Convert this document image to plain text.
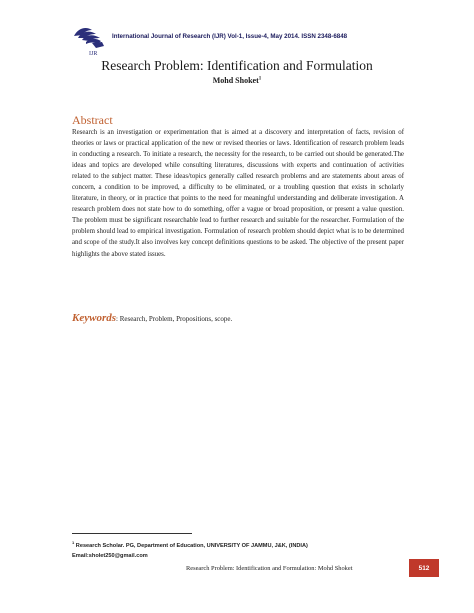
IJR
International Journal of Research (IJR) Vol-1, Issue-4, May 2014. ISSN 2348-6848
Research Problem: Identification and Formulation
Mohd Shoket$^1$
Abstract
Research is an investigation or experimentation that is aimed at a discovery and interpretation of facts, revision of theories or laws or practical application of the new or revised theories or laws. Identification of research problem leads in conducting a research. To initiate a research, the necessity for the research, to be carried out should be generated.The ideas and topics are developed while consulting literatures, discussions with experts and continuation of activities related to the subject matter. These ideas/topics generally called research problems and are statements about areas of concern, a condition to be improved, a difficulty to be eliminated, or a troubling question that exists in scholarly literature, in theory, or in practice that points to the need for meaningful understanding and deliberate investigation. A research problem does not state how to do something, offer a vague or broad proposition, or present a value question. The problem must be significant researchable lead to further research and suitable for the researcher. Formulation of the problem should lead to empirical investigation. Formulation of research problem should depict what is to be determined and scope of the study.It also involves key concept definitions questions to be asked. The objective of the present paper highlights the above stated issues.
Keywords: Research, Problem, Propositions, scope.
$^1$ Research Scholar. PG, Department of Education, UNIVERSITY OF JAMMU, J&K, (INDIA)
Email:sholet250@gmail.com
Research Problem: Identification and Formulation: Mohd Shoket	512
